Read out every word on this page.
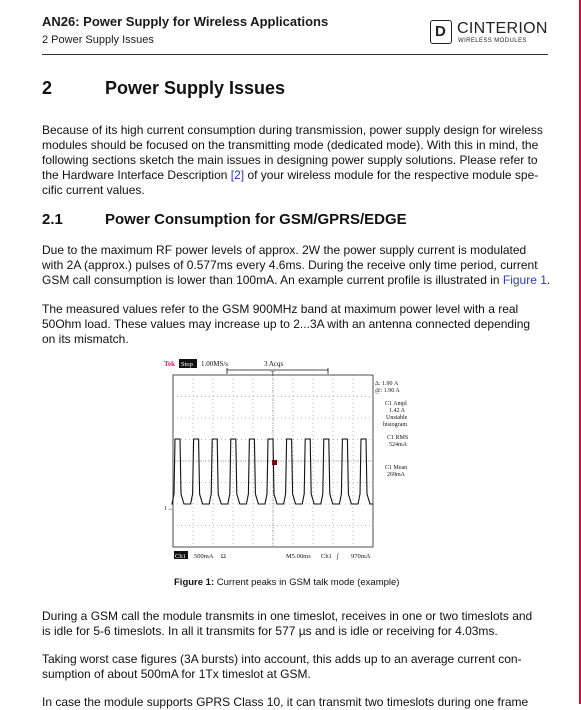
AN26: Power Supply for Wireless Applications
2 Power Supply Issues	D CINTERION
WIRELESS MODULES
2	Power Supply Issues
Because of its high current consumption during transmission, power supply design for wireless
modules should be focused on the transmitting mode (dedicated mode). With this in mind, the
following sections sketch the main issues in designing power supply solutions. Please refer to
the Hardware Interface Description [2] of your wireless module for the respective module spe-
cific current values.
2.1	Power Consumption for GSM/GPRS/EDGE
Due to the maximum RF power levels of approx. 2W the power supply current is modulated
with 2A (approx.) pulses of 0.577ms every 4.6ms. During the receive only time period, current
GSM call consumption is lower than 100mA. An example current profile is illustrated in Figure 1.
The measured values refer to the GSM 900MHz band at maximum power level with a real
50Ohm load. These values may increase up to 2...3A with an antenna connected depending
on its mismatch.
Tek Stop 1.00MS/s	3 Acqs
T
Δ: 1.90 A
@: 1.90 A
C1 Ampl
1.42 A
Unstable
histogram
C1 RMS
524mA
C1 Mean
269mA
1→
Ch1 500mA Ω	M5.00ms Ch1 ∫ 970mA
Figure 1: Current peaks in GSM talk mode (example)
During a GSM call the module transmits in one timeslot, receives in one or two timeslots and
is idle for 5-6 timeslots. In all it transmits for 577 µs and is idle or receiving for 4.03ms.
Taking worst case figures (3A bursts) into account, this adds up to an average current con-
sumption of about 500mA for 1Tx timeslot at GSM.
In case the module supports GPRS Class 10, it can transmit two timeslots during one frame
